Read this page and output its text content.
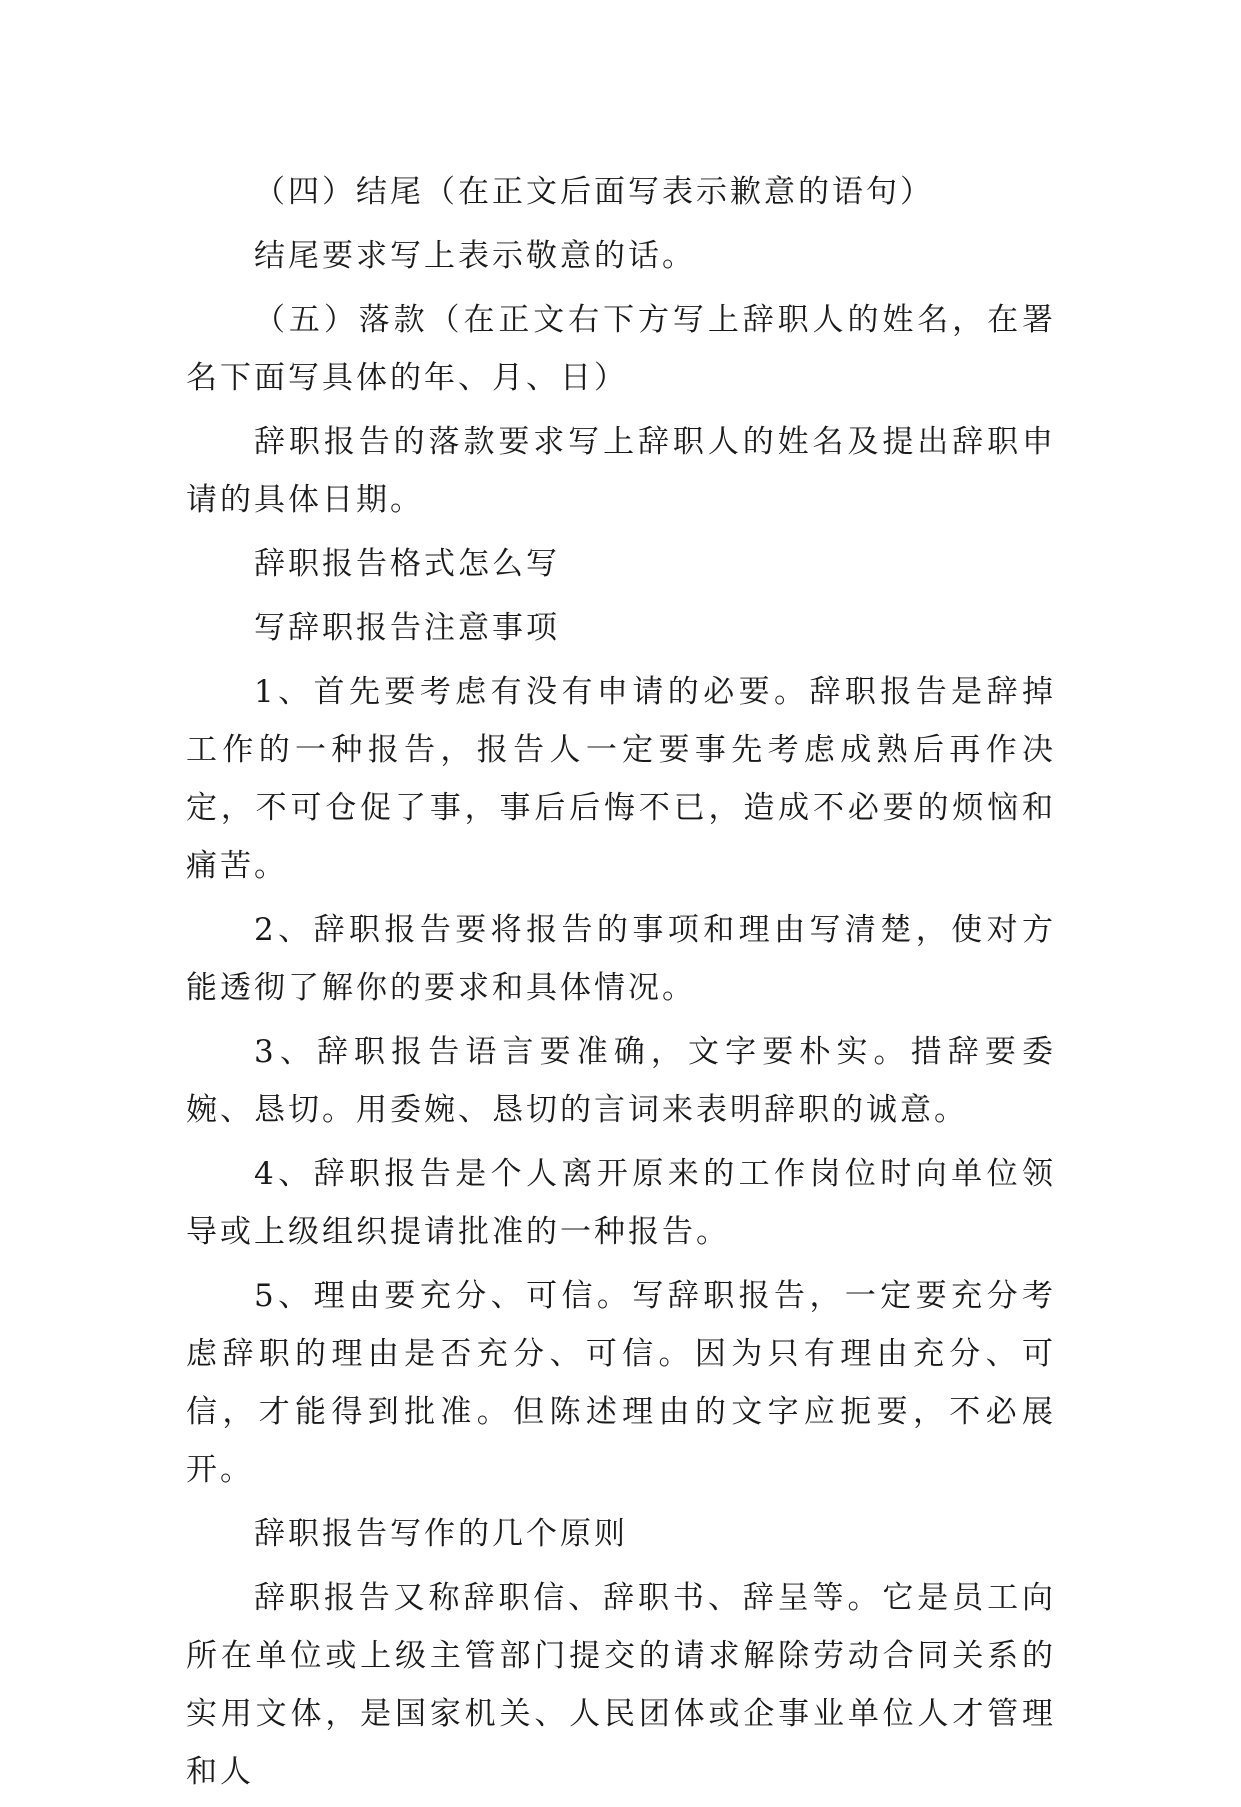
（四）结尾（在正文后面写表示歉意的语句）

结尾要求写上表示敬意的话。

（五）落款（在正文右下方写上辞职人的姓名，在署名下面写具体的年、月、日）

辞职报告的落款要求写上辞职人的姓名及提出辞职申请的具体日期。

辞职报告格式怎么写

写辞职报告注意事项

1、首先要考虑有没有申请的必要。辞职报告是辞掉工作的一种报告，报告人一定要事先考虑成熟后再作决定，不可仓促了事，事后后悔不已，造成不必要的烦恼和痛苦。

2、辞职报告要将报告的事项和理由写清楚，使对方能透彻了解你的要求和具体情况。

3、辞职报告语言要准确，文字要朴实。措辞要委婉、恳切。用委婉、恳切的言词来表明辞职的诚意。

4、辞职报告是个人离开原来的工作岗位时向单位领导或上级组织提请批准的一种报告。

5、理由要充分、可信。写辞职报告，一定要充分考虑辞职的理由是否充分、可信。因为只有理由充分、可信，才能得到批准。但陈述理由的文字应扼要，不必展开。

辞职报告写作的几个原则

辞职报告又称辞职信、辞职书、辞呈等。它是员工向所在单位或上级主管部门提交的请求解除劳动合同关系的实用文体，是国家机关、人民团体或企事业单位人才管理和人
